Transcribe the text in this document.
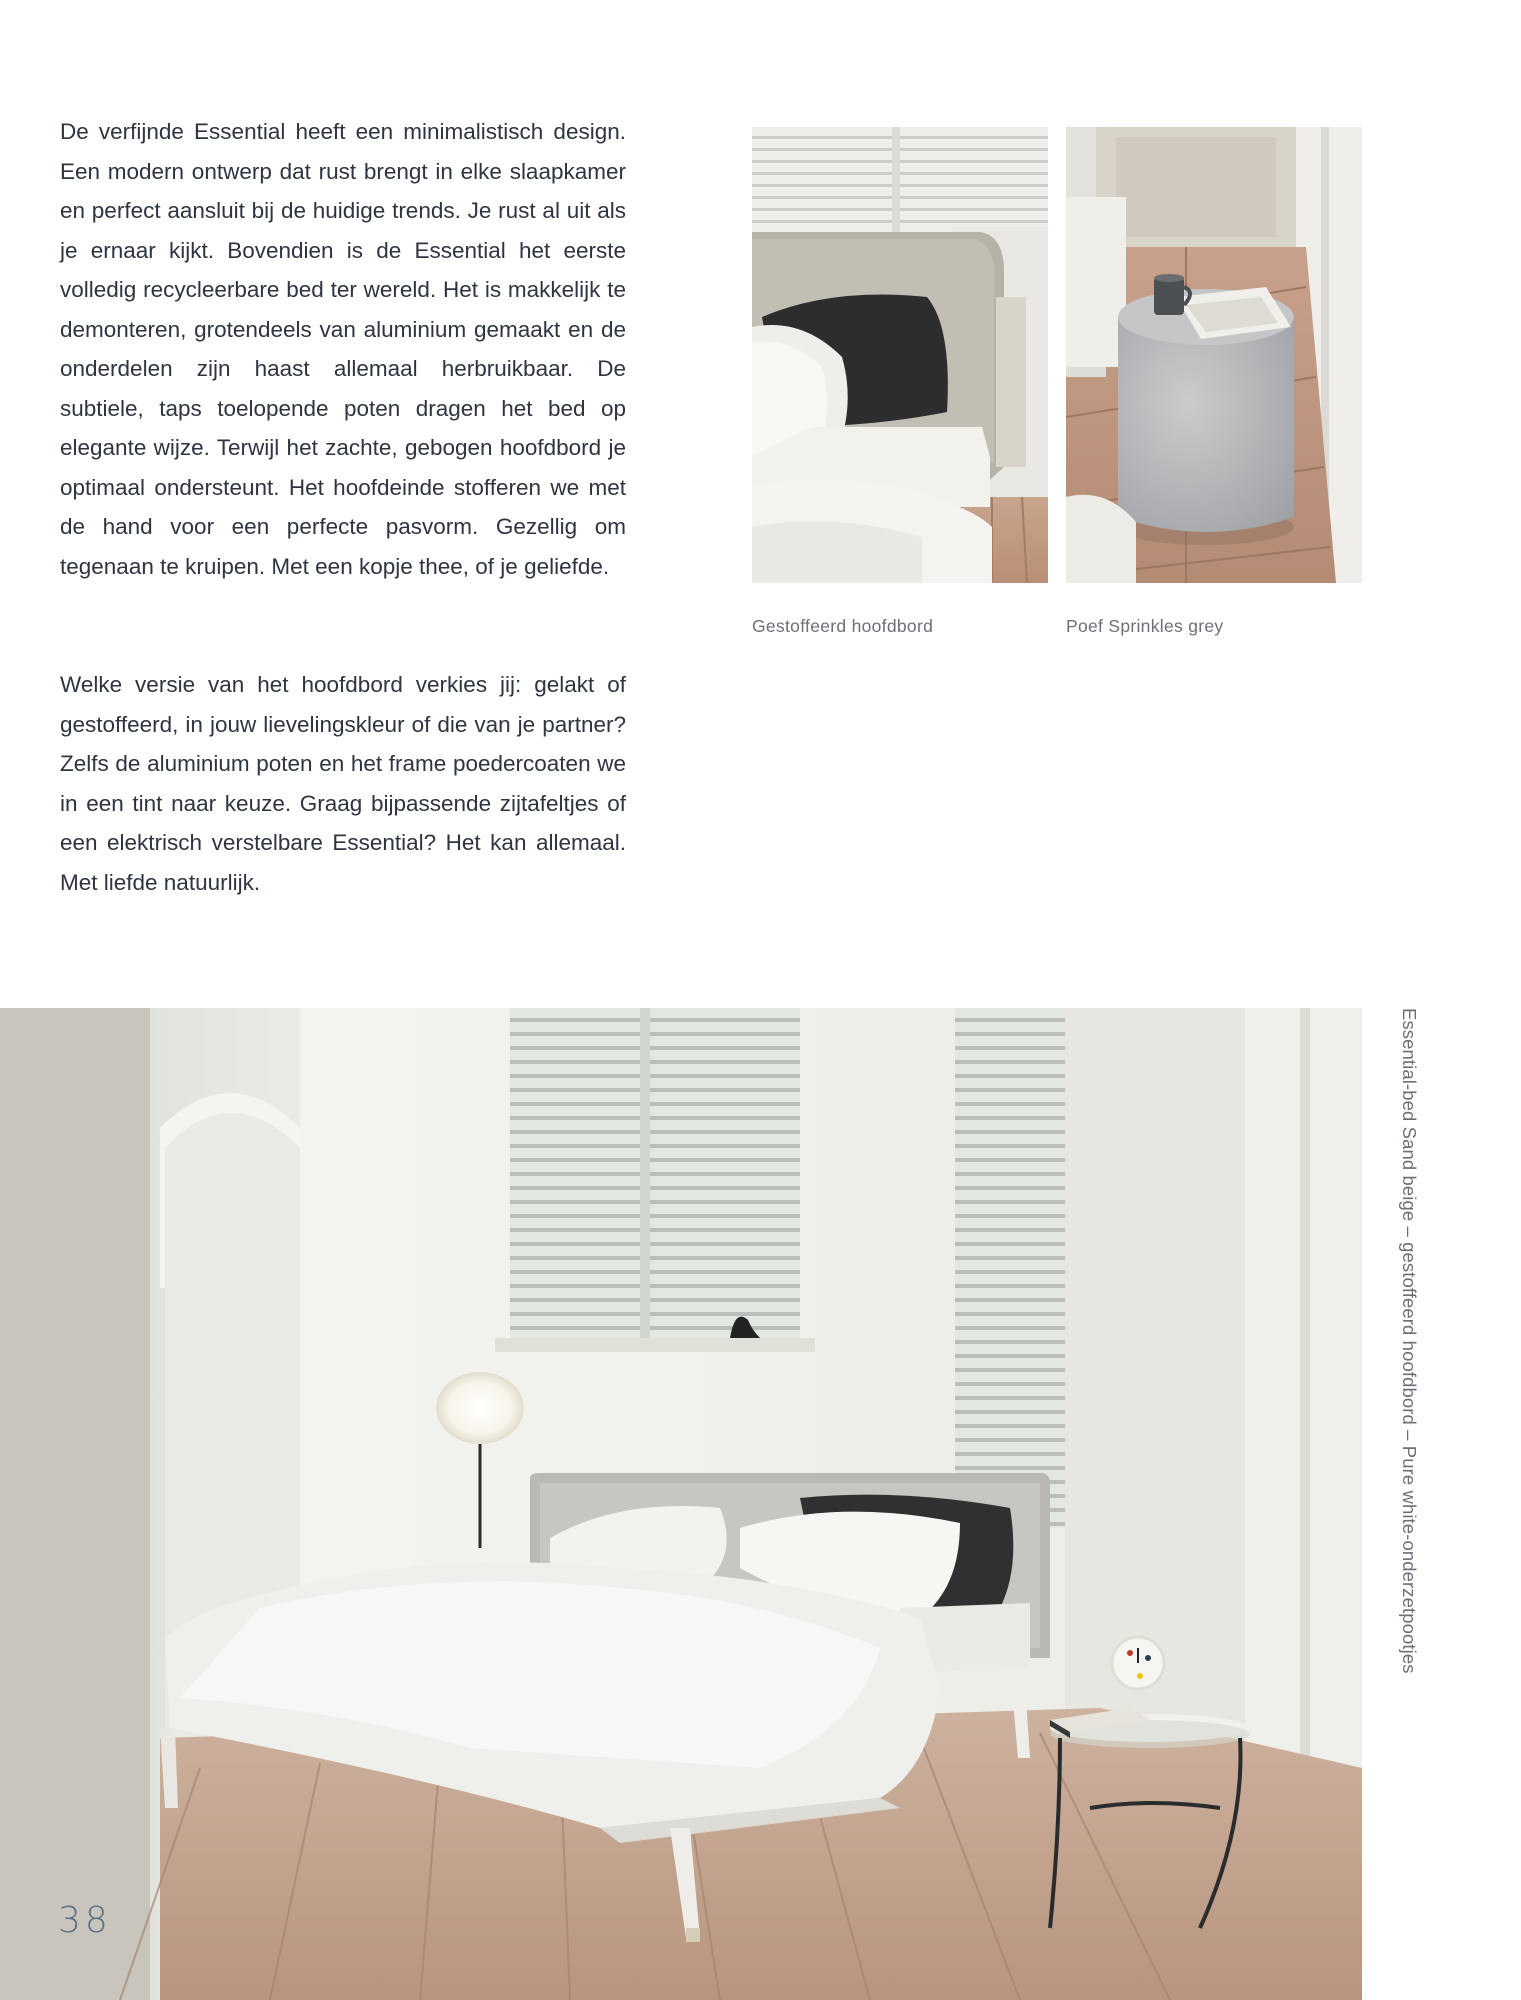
De verfijnde Essential heeft een minimalistisch design. Een modern ontwerp dat rust brengt in elke slaapkamer en perfect aansluit bij de huidige trends. Je rust al uit als je ernaar kijkt. Bovendien is de Essential het eerste volledig recycleerbare bed ter wereld. Het is makkelijk te demonteren, grotendeels van aluminium gemaakt en de onderdelen zijn haast allemaal herbruikbaar. De subtiele, taps toelopende poten dragen het bed op elegante wijze. Terwijl het zachte, gebogen hoofdbord je optimaal ondersteunt. Het hoofdeinde stofferen we met de hand voor een perfecte pasvorm. Gezellig om tegenaan te kruipen. Met een kopje thee, of je geliefde.

Welke versie van het hoofdbord verkies jij: gelakt of gestoffeerd, in jouw lievelingskleur of die van je partner? Zelfs de aluminium poten en het frame poedercoaten we in een tint naar keuze. Graag bijpassende zijtafeltjes of een elektrisch verstelbare Essential? Het kan allemaal. Met liefde natuurlijk.

Gestoffeerd hoofdbord	Poef Sprinkles grey
Essential-bed Sand beige – gestoffeerd hoofdbord – Pure white-onderzetpootjes
38
